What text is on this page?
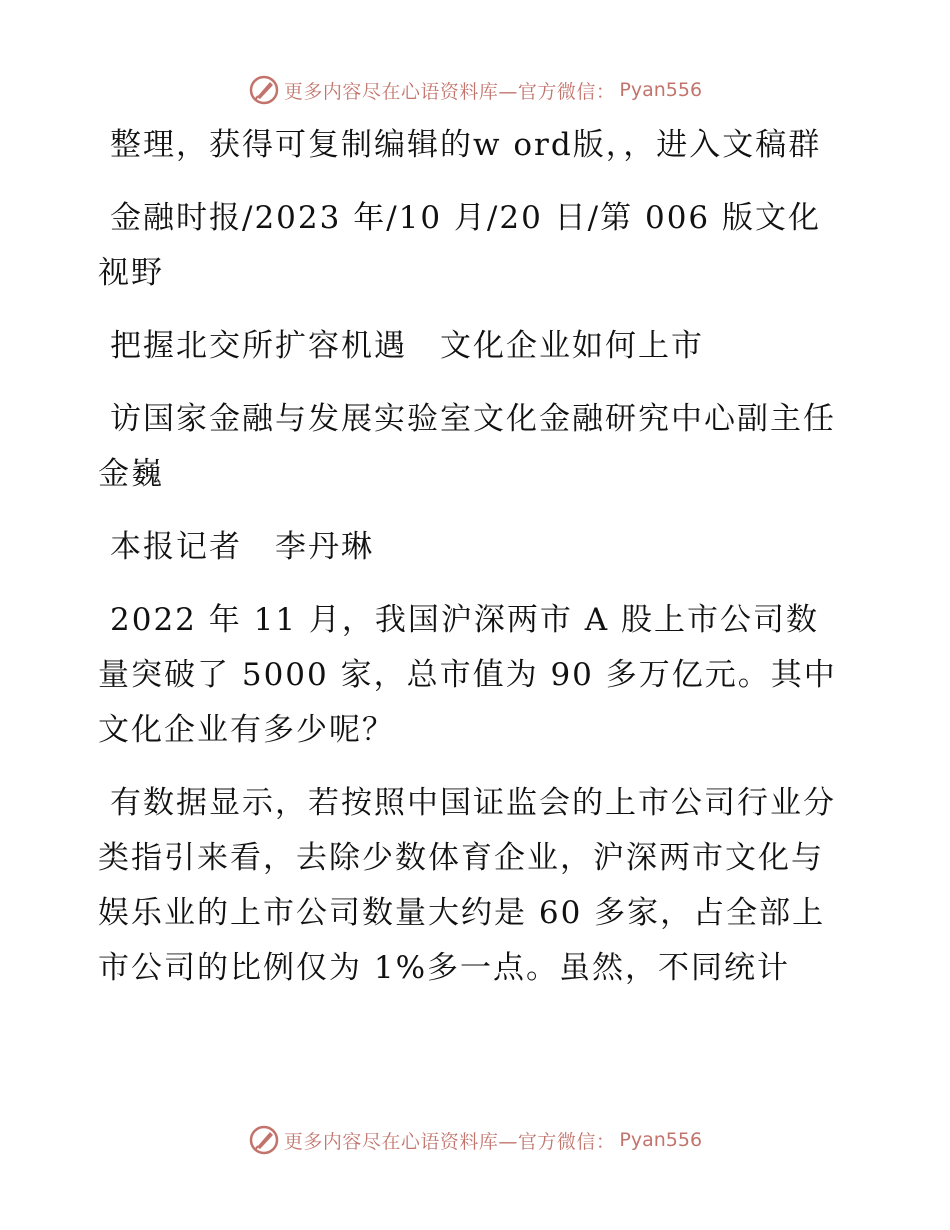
更多内容尽在心语资料库—官方微信： Pyan556

整理，获得可复制编辑的w ord版，，进入文稿群

金融时报/2023 年/10 月/20 日/第 006 版文化视野

把握北交所扩容机遇　文化企业如何上市

访国家金融与发展实验室文化金融研究中心副主任金巍

本报记者　李丹琳

2022 年 11 月，我国沪深两市 A 股上市公司数量突破了 5000 家，总市值为 90 多万亿元。其中文化企业有多少呢？

有数据显示，若按照中国证监会的上市公司行业分类指引来看，去除少数体育企业，沪深两市文化与娱乐业的上市公司数量大约是 60 多家，占全部上市公司的比例仅为 1%多一点。虽然，不同统计

更多内容尽在心语资料库—官方微信： Pyan556
